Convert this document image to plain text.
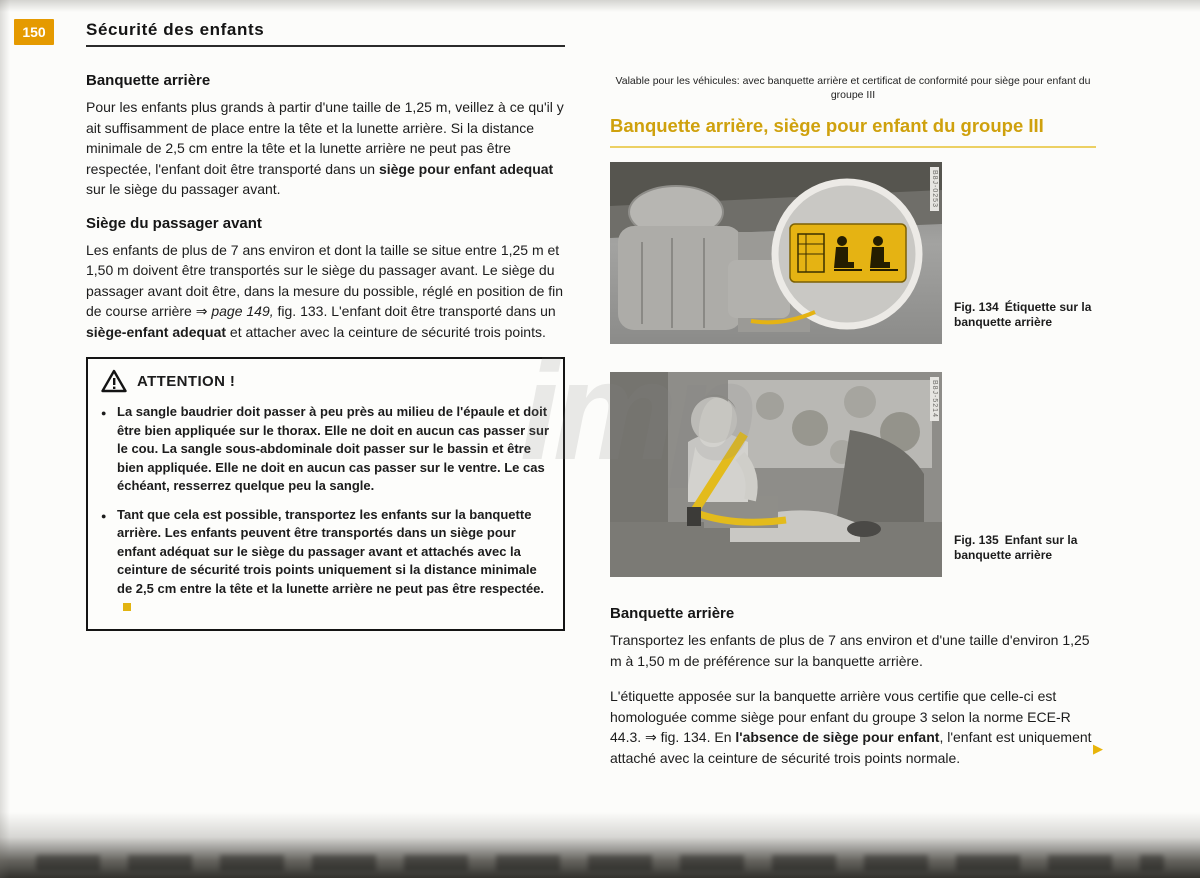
150	Sécurité des enfants
Banquette arrière

Pour les enfants plus grands à partir d'une taille de 1,25 m, veillez à ce qu'il y ait suffisamment de place entre la tête et la lunette arrière. Si la distance minimale de 2,5 cm entre la tête et la lunette arrière ne peut pas être respectée, l'enfant doit être transporté dans un siège pour enfant adequat sur le siège du passager avant.

Siège du passager avant

Les enfants de plus de 7 ans environ et dont la taille se situe entre 1,25 m et 1,50 m doivent être transportés sur le siège du passager avant. Le siège du passager avant doit être, dans la mesure du possible, réglé en position de fin de course arrière ⇒ page 149, fig. 133. L'enfant doit être transporté dans un siège-enfant adequat et attacher avec la ceinture de sécurité trois points.

ATTENTION !

● La sangle baudrier doit passer à peu près au milieu de l'épaule et doit être bien appliquée sur le thorax. Elle ne doit en aucun cas passer sur le cou. La sangle sous-abdominale doit passer sur le bassin et être bien appliquée. Elle ne doit en aucun cas passer sur le ventre. Le cas échéant, resserrez quelque peu la sangle.

● Tant que cela est possible, transportez les enfants sur la banquette arrière. Les enfants peuvent être transportés dans un siège pour enfant adéquat sur le siège du passager avant et attachés avec la ceinture de sécurité trois points uniquement si la distance minimale de 2,5 cm entre la tête et la lunette arrière ne peut pas être respectée.

Valable pour les véhicules: avec banquette arrière et certificat de conformité pour siège pour enfant du groupe III

Banquette arrière, siège pour enfant du groupe III
B8J-0253
Fig. 134 Étiquette sur la banquette arrière
B8J-5214
Fig. 135 Enfant sur la banquette arrière
Banquette arrière

Transportez les enfants de plus de 7 ans environ et d'une taille d'environ 1,25 m à 1,50 m de préférence sur la banquette arrière.

L'étiquette apposée sur la banquette arrière vous certifie que celle-ci est homologuée comme siège pour enfant du groupe 3 selon la norme ECE-R 44.3. ⇒ fig. 134. En l'absence de siège pour enfant, l'enfant est uniquement attaché avec la ceinture de sécurité trois points normale.

▶
